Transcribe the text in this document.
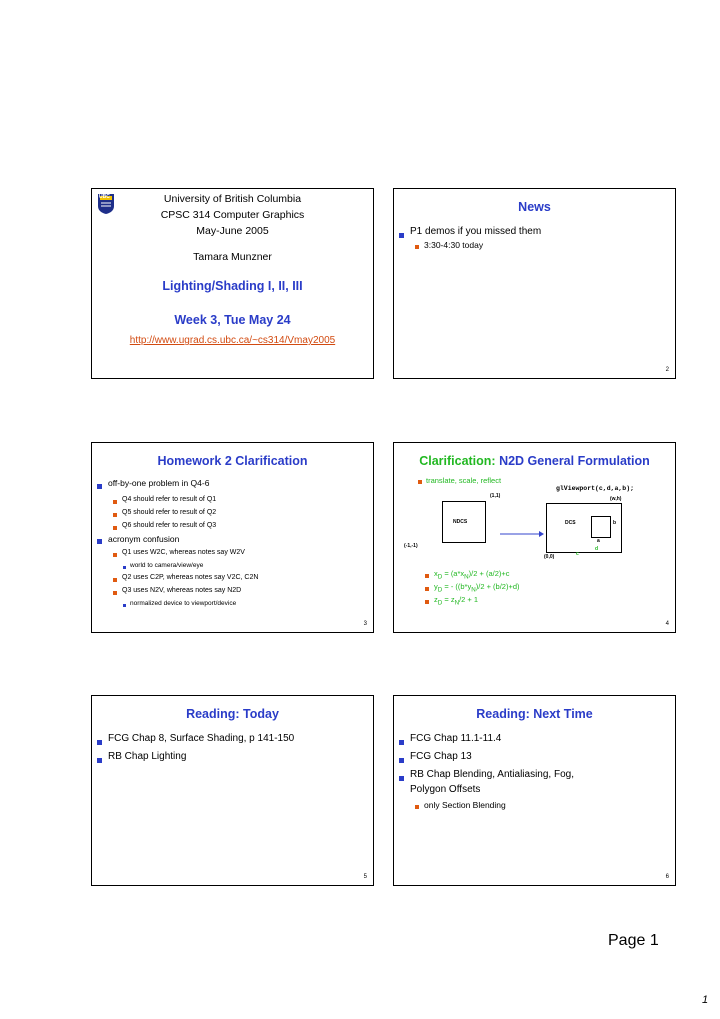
UBC	University of British Columbia
CPSC 314 Computer Graphics
May-June 2005
Tamara Munzner
Lighting/Shading I, II, III
Week 3, Tue May 24
http://www.ugrad.cs.ubc.ca/~cs314/Vmay2005
News
P1 demos if you missed them
3:30-4:30 today
2
Homework 2 Clarification
off-by-one problem in Q4-6
Q4 should refer to result of Q1
Q5 should refer to result of Q2
Q6 should refer to result of Q3
acronym confusion
Q1 uses W2C, whereas notes say W2V
world to camera/view/eye
Q2 uses C2P, whereas notes say V2C, C2N
Q3 uses N2V, whereas notes say N2D
normalized device to viewport/device
3
Clarification: N2D General Formulation
translate, scale, reflect
glViewport(c,d,a,b);
NDCS
(1,1)
(-1,-1)
DCS	b
a
d
(w,h)
(0,0)	c
$x_D = (a*x_N)/2 + (a/2)+c$
$y_D$ = - $((b*y_N)/2 + (b/2)+d)$
$z_D = z_N/2 + 1$
4
Reading: Today
FCG Chap 8, Surface Shading, p 141-150
RB Chap Lighting
5
Reading: Next Time
FCG Chap 11.1-11.4
FCG Chap 13
RB Chap Blending, Antialiasing, Fog,
Polygon Offsets
only Section Blending
6
Page 1
1
